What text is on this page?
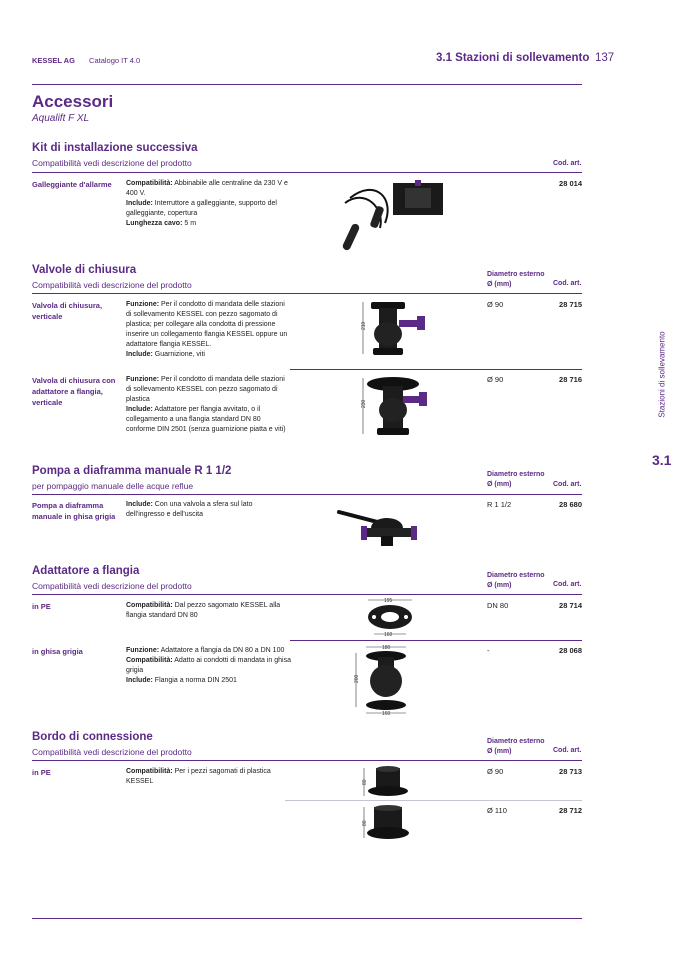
KESSEL AG Catalogo IT 4.0	3.1 Stazioni di sollevamento 137
Accessori
Aqualift F XL
Stazioni di sollevamento
3.1
Kit di installazione successiva
Compatibilità vedi descrizione del prodotto	Cod. art.
Galleggiante d'allarme	Compatibilità: Abbinabile alle centraline da 230 V e 400 V.
Include: Interruttore a galleggiante, supporto del galleggiante, copertura
Lunghezza cavo: 5 m
28 014
Valvole di chiusura
Compatibilità vedi descrizione del prodotto
Diametro esterno
Ø (mm)	Cod. art.
Valvola di chiusura, verticale
Funzione: Per il condotto di mandata delle stazioni di sollevamento KESSEL con pezzo sagomato di plastica; per collegare alla condotta di pressione inserire un collegamento flangia KESSEL oppure un adattatore flangia KESSEL.
Include: Guarnizione, viti
Ø 90	28 715
210
Valvola di chiusura con adattatore a flangia, verticale
Funzione: Per il condotto di mandata delle stazioni di sollevamento KESSEL con pezzo sagomato di plastica
Include: Adattatore per flangia avvitato, o il collegamento a una flangia standard DN 80 conforme DIN 2501 (senza guarnizione piatta e viti)
Ø 90	28 716
230
Pompa a diaframma manuale R 1 1/2
per pompaggio manuale delle acque reflue
Diametro esterno
Ø (mm)	Cod. art.
Pompa a diaframma manuale in ghisa grigia
Include: Con una valvola a sfera sul lato dell'ingresso e dell'uscita
R 1 1/2	28 680
Adattatore a flangia
Compatibilità vedi descrizione del prodotto
Diametro esterno
Ø (mm)	Cod. art.
in PE	Compatibilità: Dal pezzo sagomato KESSEL alla flangia standard DN 80
DN 80	28 714
195
160
in ghisa grigia	Funzione: Adattatore a flangia da DN 80 a DN 100
Compatibilità: Adatto ai condotti di mandata in ghisa grigia
Include: Flangia a norma DIN 2501
-	28 068
180
200
160
Bordo di connessione
Compatibilità vedi descrizione del prodotto
Diametro esterno
Ø (mm)	Cod. art.
in PE	Compatibilità: Per i pezzi sagomati di plastica KESSEL
Ø 90	28 713
80
Ø 110	28 712
80
